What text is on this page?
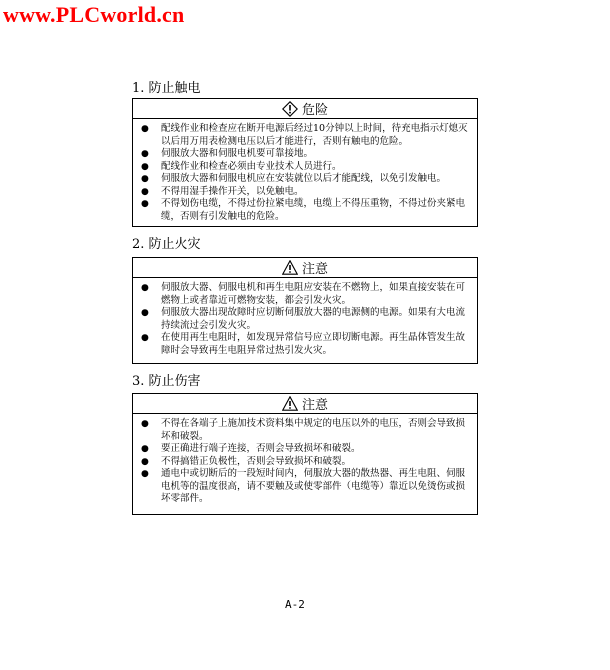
www.PLCworld.cn
1. 防止触电
危险
●	配线作业和检查应在断开电源后经过10分钟以上时间，待充电指示灯熄灭以后用万用表检测电压以后才能进行，否则有触电的危险。
●	伺服放大器和伺服电机要可靠接地。
●	配线作业和检查必须由专业技术人员进行。
●	伺服放大器和伺服电机应在安装就位以后才能配线，以免引发触电。
●	不得用湿手操作开关，以免触电。
●	不得划伤电缆，不得过份拉紧电缆，电缆上不得压重物，不得过份夹紧电缆，否则有引发触电的危险。
2. 防止火灾
注意
●	伺服放大器、伺服电机和再生电阻应安装在不燃物上，如果直接安装在可燃物上或者靠近可燃物安装，都会引发火灾。
●	伺服放大器出现故障时应切断伺服放大器的电源侧的电源。如果有大电流持续流过会引发火灾。
●	在使用再生电阻时，如发现异常信号应立即切断电源。再生晶体管发生故障时会导致再生电阻异常过热引发火灾。
3. 防止伤害
注意
●	不得在各端子上施加技术资料集中规定的电压以外的电压，否则会导致损坏和破裂。
●	要正确进行端子连接，否则会导致损坏和破裂。
●	不得搞错正负极性，否则会导致损坏和破裂。
●	通电中或切断后的一段短时间内，伺服放大器的散热器、再生电阻、伺服电机等的温度很高，请不要触及或使零部件（电缆等）靠近以免烫伤或损坏零部件。
A-2
